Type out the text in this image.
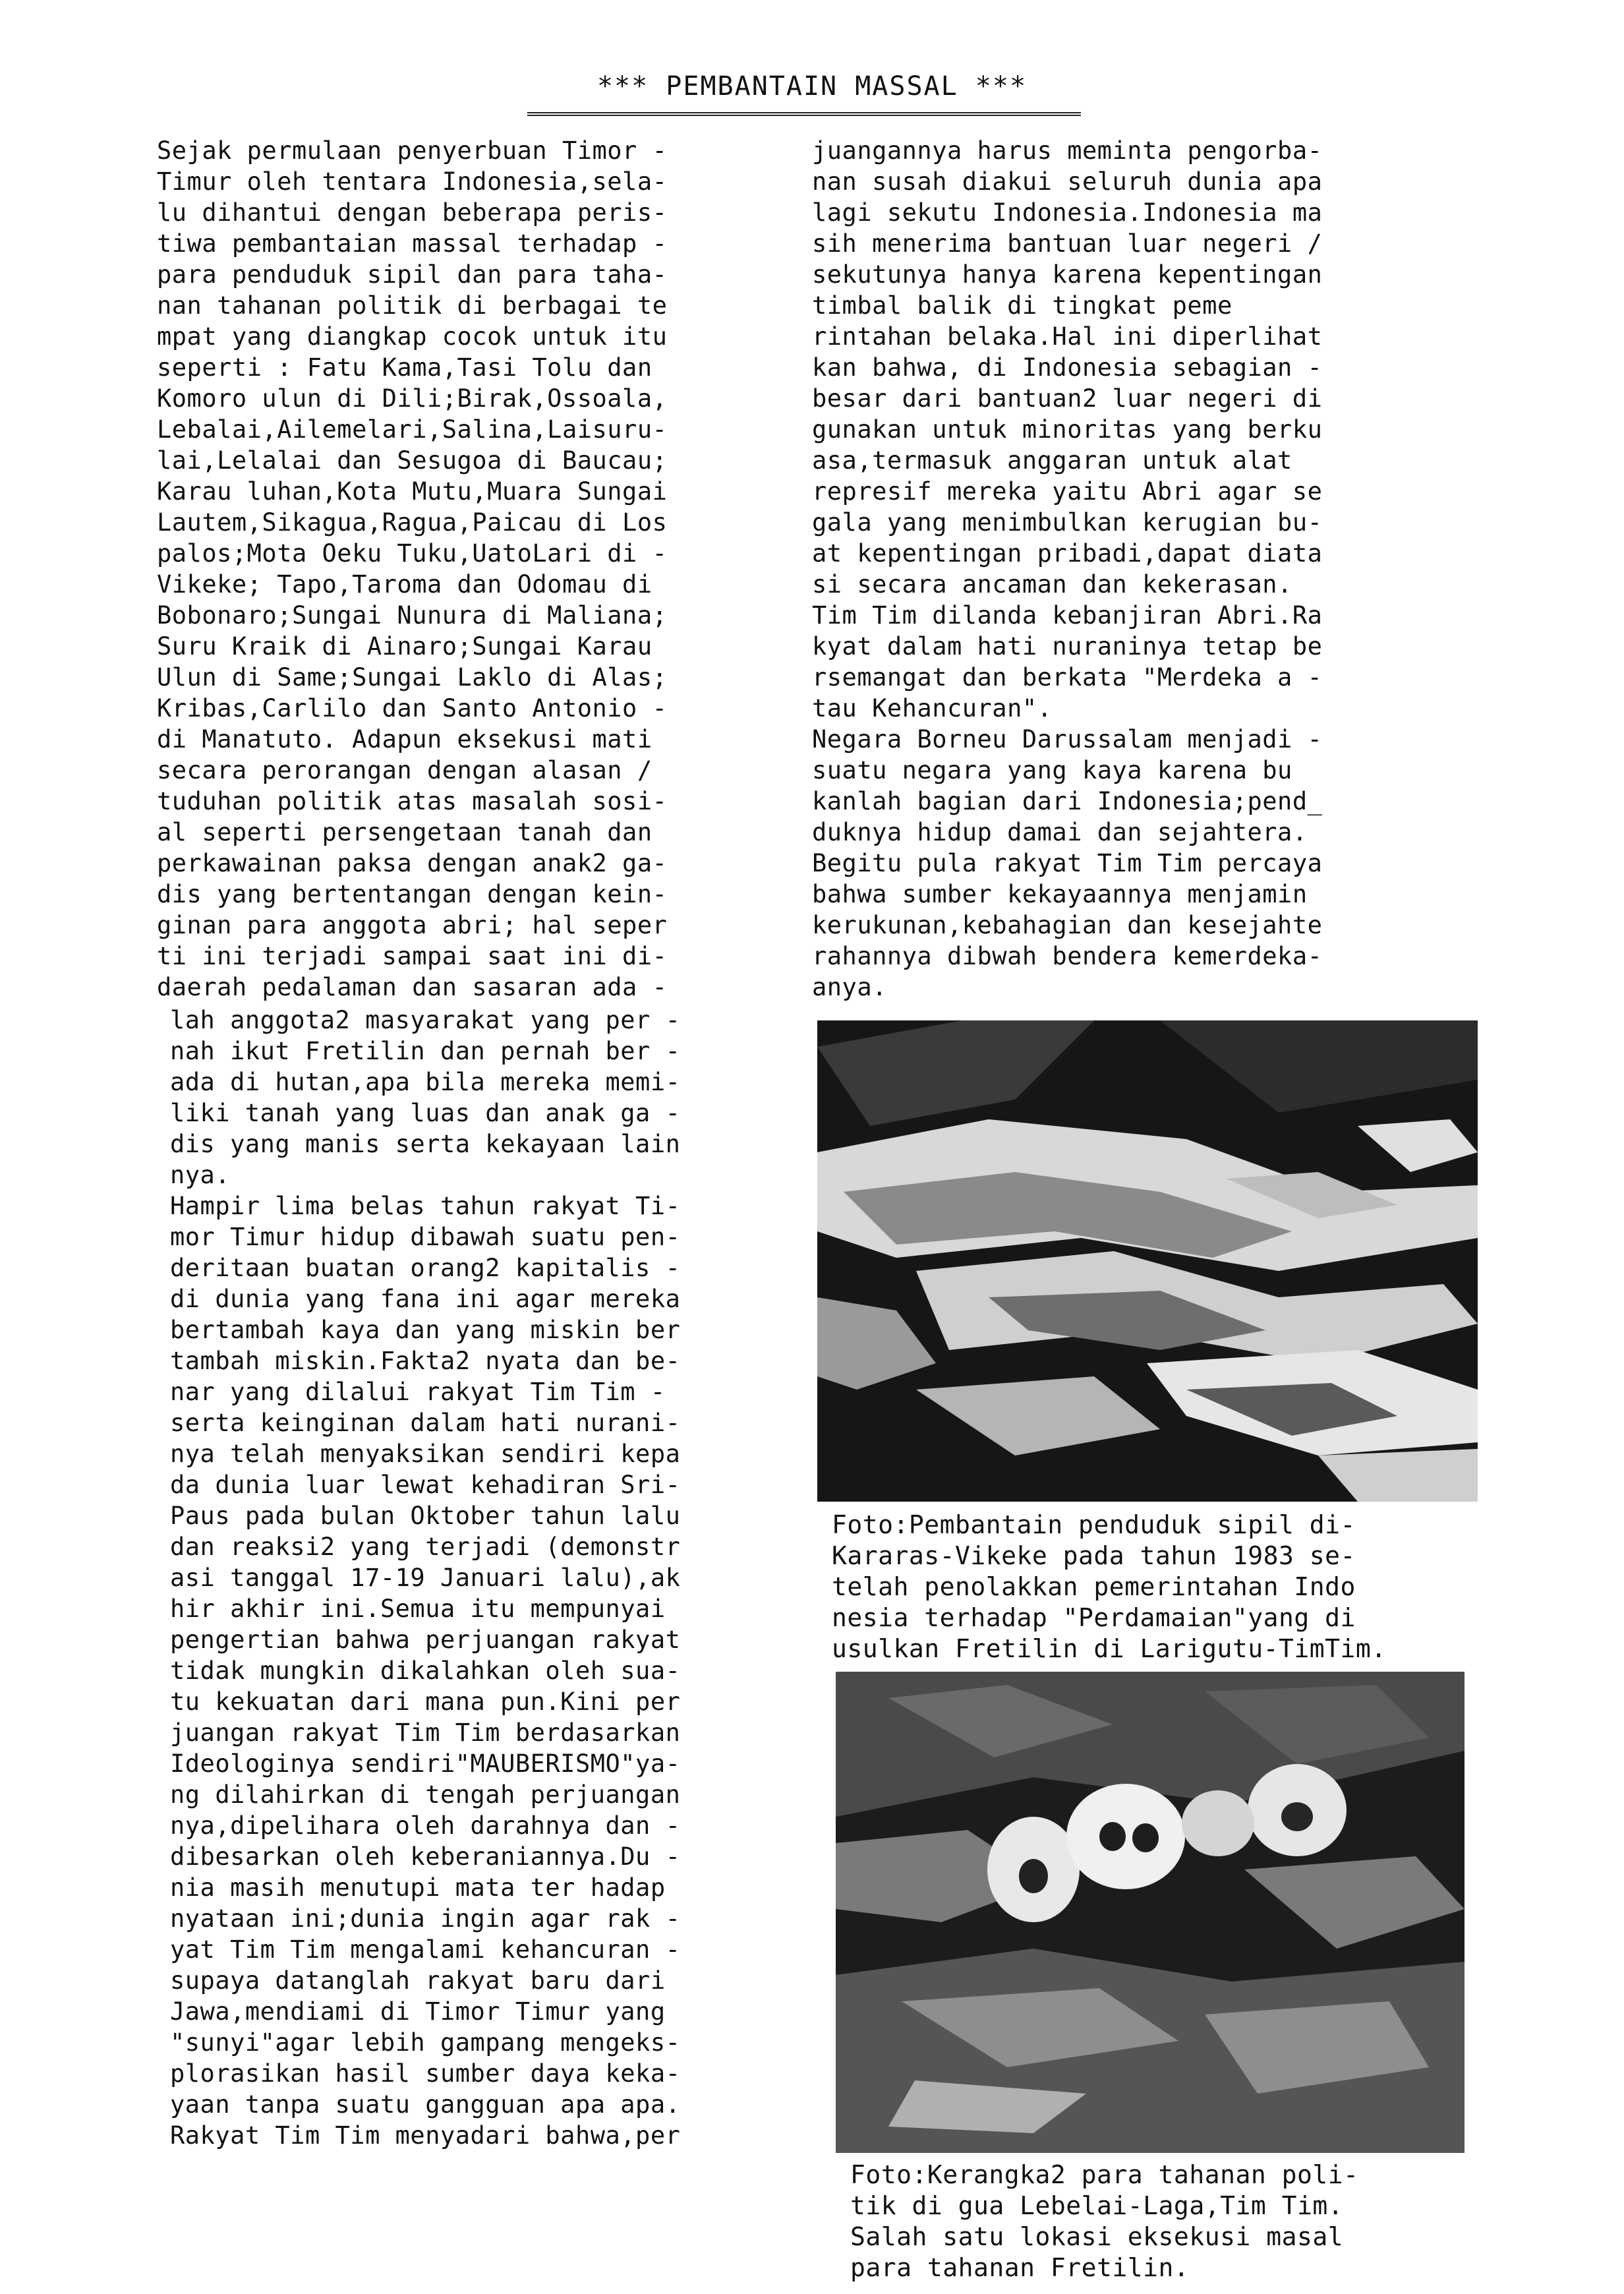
*** PEMBANTAIN MASSAL ***
Sejak permulaan penyerbuan Timor -
Timur oleh tentara Indonesia,sela-
lu dihantui dengan beberapa peris-
tiwa pembantaian massal terhadap -
para penduduk sipil dan para taha-
nan tahanan politik di berbagai te
mpat yang diangkap cocok untuk itu
seperti : Fatu Kama,Tasi Tolu dan
Komoro ulun di Dili;Birak,Ossoala,
Lebalai,Ailemelari,Salina,Laisuru-
lai,Lelalai dan Sesugoa di Baucau;
Karau luhan,Kota Mutu,Muara Sungai
Lautem,Sikagua,Ragua,Paicau di Los
palos;Mota Oeku Tuku,UatoLari di -
Vikeke; Tapo,Taroma dan Odomau di
Bobonaro;Sungai Nunura di Maliana;
Suru Kraik di Ainaro;Sungai Karau
Ulun di Same;Sungai Laklo di Alas;
Kribas,Carlilo dan Santo Antonio -
di Manatuto. Adapun eksekusi mati
secara perorangan dengan alasan /
tuduhan politik atas masalah sosi-
al seperti persengetaan tanah dan
perkawainan paksa dengan anak2 ga-
dis yang bertentangan dengan kein-
ginan para anggota abri; hal seper
ti ini terjadi sampai saat ini di-
daerah pedalaman dan sasaran ada -
lah anggota2 masyarakat yang per -
nah ikut Fretilin dan pernah ber -
ada di hutan,apa bila mereka memi-
liki tanah yang luas dan anak ga -
dis yang manis serta kekayaan lain
nya.
Hampir lima belas tahun rakyat Ti-
mor Timur hidup dibawah suatu pen-
deritaan buatan orang2 kapitalis -
di dunia yang fana ini agar mereka
bertambah kaya dan yang miskin ber
tambah miskin.Fakta2 nyata dan be-
nar yang dilalui rakyat Tim Tim -
serta keinginan dalam hati nurani-
nya telah menyaksikan sendiri kepa
da dunia luar lewat kehadiran Sri-
Paus pada bulan Oktober tahun lalu
dan reaksi2 yang terjadi (demonstr
asi tanggal 17-19 Januari lalu),ak
hir akhir ini.Semua itu mempunyai
pengertian bahwa perjuangan rakyat
tidak mungkin dikalahkan oleh sua-
tu kekuatan dari mana pun.Kini per
juangan rakyat Tim Tim berdasarkan
Ideologinya sendiri"MAUBERISMO"ya-
ng dilahirkan di tengah perjuangan
nya,dipelihara oleh darahnya dan -
dibesarkan oleh keberaniannya.Du -
nia masih menutupi mata ter hadap
nyataan ini;dunia ingin agar rak -
yat Tim Tim mengalami kehancuran -
supaya datanglah rakyat baru dari
Jawa,mendiami di Timor Timur yang
"sunyi"agar lebih gampang mengeks-
plorasikan hasil sumber daya keka-
yaan tanpa suatu gangguan apa apa.
Rakyat Tim Tim menyadari bahwa,per
juangannya harus meminta pengorba-
nan susah diakui seluruh dunia apa
lagi sekutu Indonesia.Indonesia ma
sih menerima bantuan luar negeri /
sekutunya hanya karena kepentingan
timbal balik di tingkat peme
rintahan belaka.Hal ini diperlihat
kan bahwa, di Indonesia sebagian -
besar dari bantuan2 luar negeri di
gunakan untuk minoritas yang berku
asa,termasuk anggaran untuk alat
represif mereka yaitu Abri agar se
gala yang menimbulkan kerugian bu-
at kepentingan pribadi,dapat diata
si secara ancaman dan kekerasan.
Tim Tim dilanda kebanjiran Abri.Ra
kyat dalam hati nuraninya tetap be
rsemangat dan berkata "Merdeka a -
tau Kehancuran".
Negara Borneu Darussalam menjadi -
suatu negara yang kaya karena bu
kanlah bagian dari Indonesia;pend_
duknya hidup damai dan sejahtera.
Begitu pula rakyat Tim Tim percaya
bahwa sumber kekayaannya menjamin
kerukunan,kebahagian dan kesejahte
rahannya dibwah bendera kemerdeka-
anya.
Foto:Pembantain penduduk sipil di-
Kararas-Vikeke pada tahun 1983 se-
telah penolakkan pemerintahan Indo
nesia terhadap "Perdamaian"yang di
usulkan Fretilin di Larigutu-TimTim.
Foto:Kerangka2 para tahanan poli-
tik di gua Lebelai-Laga,Tim Tim.
Salah satu lokasi eksekusi masal
para tahanan Fretilin.
